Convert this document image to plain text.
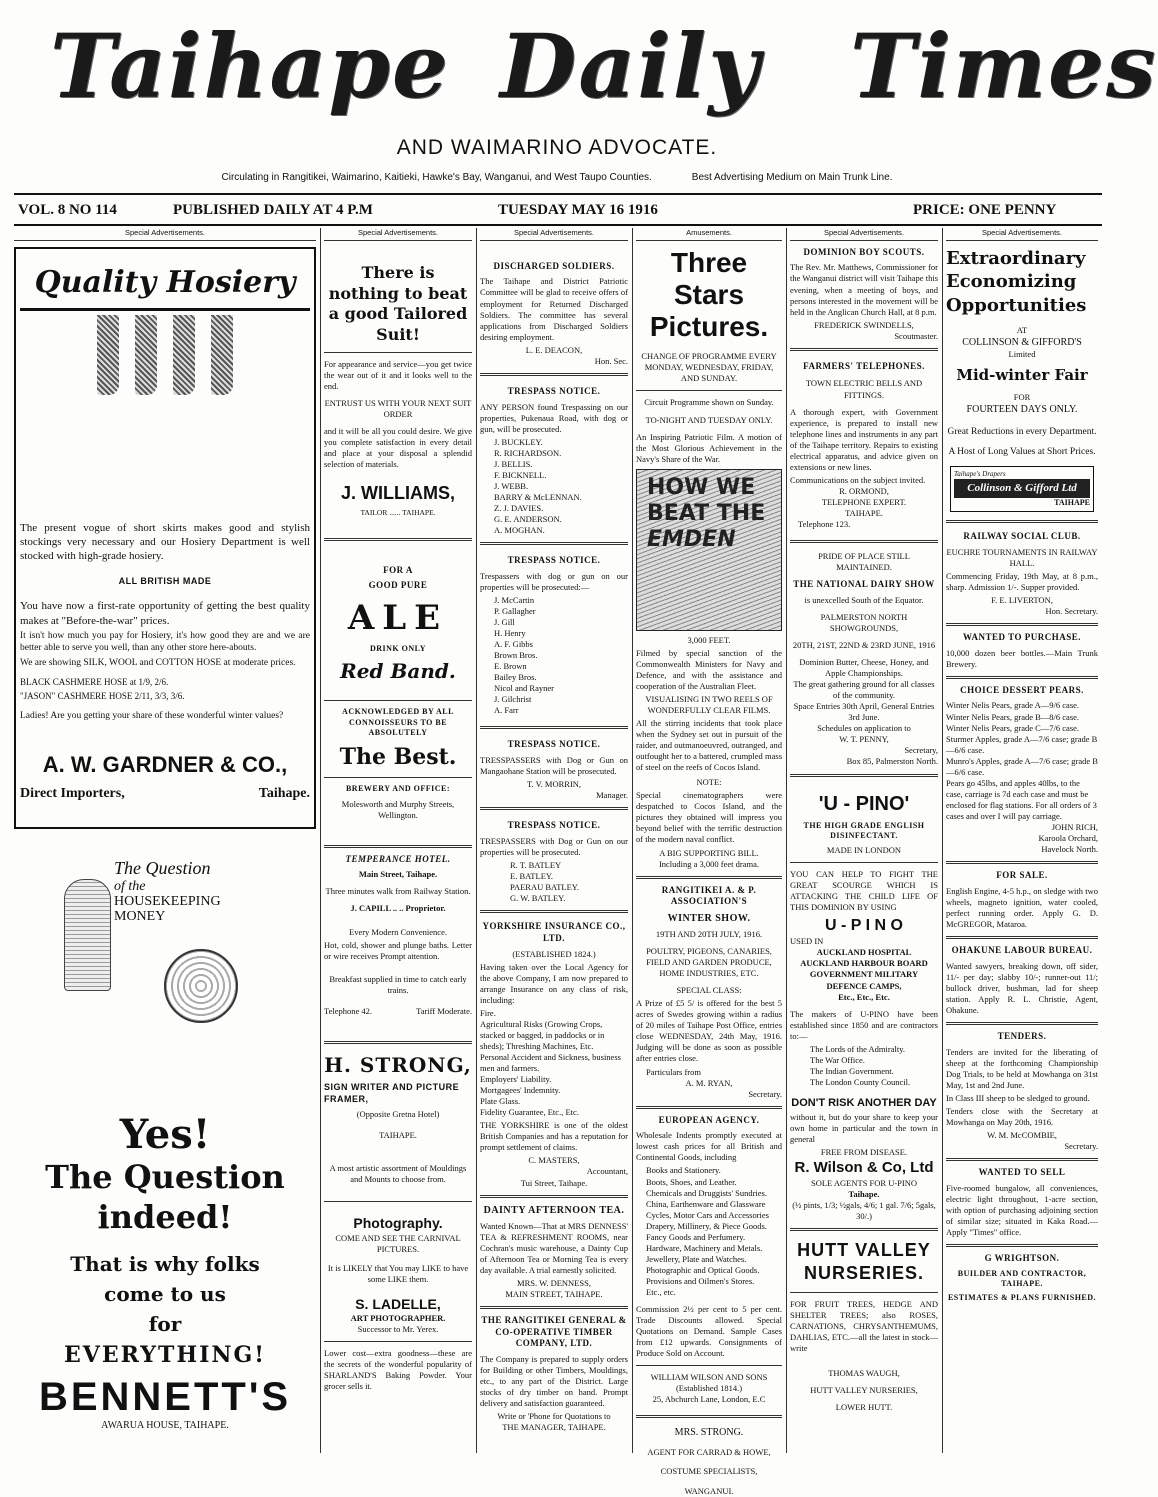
Taihape Daily Times
AND WAIMARINO ADVOCATE.
Circulating in Rangitikei, Waimarino, Kaitieki, Hawke's Bay, Wanganui, and West Taupo Counties.	Best Advertising Medium on Main Trunk Line.
VOL. 8 NO 114	PUBLISHED DAILY AT 4 P.M	TUESDAY MAY 16 1916	PRICE: ONE PENNY
Special Advertisements.
Quality Hosiery

The present vogue of short skirts makes good and stylish stockings very necessary and our Hosiery Department is well stocked with high-grade hosiery.

ALL BRITISH MADE

You have now a first-rate opportunity of getting the best quality makes at "Before-the-war" prices.

It isn't how much you pay for Hosiery, it's how good they are and we are better able to serve you well, than any other store here-abouts.

We are showing SILK, WOOL and COTTON HOSE at moderate prices.

BLACK CASHMERE HOSE at 1/9, 2/6.

"JASON" CASHMERE HOSE 2/11, 3/3, 3/6.

Ladies! Are you getting your share of these wonderful winter values?

A. W. GARDNER & CO.,
Direct Importers,	Taihape.
The Question
of the
HOUSEKEEPING
MONEY
Yes!
The Question
indeed!
That is why folks
come to us
for
EVERYTHING!
BENNETT'S
AWARUA HOUSE, TAIHAPE.
Special Advertisements.
There is nothing to beat a good Tailored Suit!

For appearance and service—you get twice the wear out of it and it looks well to the end.

ENTRUST US WITH YOUR NEXT SUIT ORDER

and it will be all you could desire. We give you complete satisfaction in every detail and place at your disposal a splendid selection of materials.

J. WILLIAMS,
TAILOR ...... TAIHAPE.
FOR A
GOOD PURE
ALE
DRINK ONLY
Red Band.
ACKNOWLEDGED BY ALL CONNOISSEURS TO BE ABSOLUTELY
The Best.
BREWERY AND OFFICE:
Molesworth and Murphy Streets, Wellington.
TEMPERANCE HOTEL.
Main Street, Taihape.
Three minutes walk from Railway Station.
J. CAPILL .. .. Proprietor.
Every Modern Convenience.

Hot, cold, shower and plunge baths. Letter or wire receives Prompt attention.

Breakfast supplied in time to catch early trains.
Telephone 42.	Tariff Moderate.
H. STRONG,
SIGN WRITER AND PICTURE FRAMER,
(Opposite Gretna Hotel)
TAIHAPE.
A most artistic assortment of Mouldings and Mounts to choose from.
Photography.
COME AND SEE THE CARNIVAL PICTURES.
It is LIKELY that You may LIKE to have some LIKE them.
S. LADELLE,
ART PHOTOGRAPHER.
Successor to Mr. Yerex.

Lower cost—extra goodness—these are the secrets of the wonderful popularity of SHARLAND'S Baking Powder. Your grocer sells it.

Special Advertisements.
DISCHARGED SOLDIERS.

The Taihape and District Patriotic Committee will be glad to receive offers of employment for Returned Discharged Soldiers. The committee has several applications from Discharged Soldiers desiring employment.

L. E. DEACON,
Hon. Sec.
TRESPASS NOTICE.

ANY PERSON found Trespassing on our properties, Pukenaua Road, with dog or gun, will be prosecuted.

J. BUCKLEY.
R. RICHARDSON.
J. BELLIS.
F. BICKNELL.
J. WEBB.
BARRY & McLENNAN.
Z. J. DAVIES.
G. E. ANDERSON.
A. MOGHAN.
TRESPASS NOTICE.

Trespassers with dog or gun on our properties will be prosecuted:—

J. McCartin
P. Gallagher
J. Gill
H. Henry
A. F. Gibbs
Brown Bros.
E. Brown
Bailey Bros.
Nicol and Rayner
J. Gilchrist
A. Farr
TRESPASS NOTICE.

TRESSPASSERS with Dog or Gun on Mangaohane Station will be prosecuted.

T. V. MORRIN,
Manager.
TRESPASS NOTICE.

TRESPASSERS with Dog or Gun on our properties will be prosecuted.

R. T. BATLEY
E. BATLEY.
PAERAU BATLEY.
G. W. BATLEY.
YORKSHIRE INSURANCE CO., LTD.
(ESTABLISHED 1824.)

Having taken over the Local Agency for the above Company, I am now prepared to arrange Insurance on any class of risk, including:

Fire.
Agricultural Risks (Growing Crops, stacked or bagged, in paddocks or in sheds); Threshing Machines, Etc.
Personal Accident and Sickness, business men and farmers.
Employers' Liability.
Mortgagees' Indemnity.
Plate Glass.
Fidelity Guarantee, Etc., Etc.

THE YORKSHIRE is one of the oldest British Companies and has a reputation for prompt settlement of claims.

C. MASTERS,
Accountant,
Tui Street, Taihape.
DAINTY AFTERNOON TEA.

Wanted Known—That at MRS DENNESS' TEA & REFRESHMENT ROOMS, near Cochran's music warehouse, a Dainty Cup of Afternoon Tea or Morning Tea is every day available. A trial earnestly solicited.

MRS. W. DENNESS,
MAIN STREET, TAIHAPE.
THE RANGITIKEI GENERAL & CO-OPERATIVE TIMBER COMPANY, LTD.

The Company is prepared to supply orders for Building or other Timbers, Mouldings, etc., to any part of the District. Large stocks of dry timber on hand. Prompt delivery and satisfaction guaranteed.

Write or 'Phone for Quotations to
THE MANAGER, TAIHAPE.
Amusements.
Three Stars
Pictures.
CHANGE OF PROGRAMME EVERY MONDAY, WEDNESDAY, FRIDAY, AND SUNDAY.
Circuit Programme shown on Sunday.
TO-NIGHT AND TUESDAY ONLY.

An Inspiring Patriotic Film. A motion of the Most Glorious Achievement in the Navy's Share of the War.

HOW WE
BEAT THE
EMDEN
3,000 FEET.

Filmed by special sanction of the Commonwealth Ministers for Navy and Defence, and with the assistance and cooperation of the Australian Fleet.

VISUALISING IN TWO REELS OF WONDERFULLY CLEAR FILMS.

All the stirring incidents that took place when the Sydney set out in pursuit of the raider, and outmanoeuvred, outranged, and outfought her to a battered, crumpled mass of steel on the reefs of Cocos Island.

NOTE:

Special cinematographers were despatched to Cocos Island, and the pictures they obtained will impress you beyond belief with the terrific destruction of the modern naval conflict.

A BIG SUPPORTING BILL.
Including a 3,000 feet drama.
RANGITIKEI A. & P. ASSOCIATION'S
WINTER SHOW.
19TH AND 20TH JULY, 1916.
POULTRY, PIGEONS, CANARIES, FIELD AND GARDEN PRODUCE, HOME INDUSTRIES, ETC.
SPECIAL CLASS:

A Prize of £5 5/ is offered for the best 5 acres of Swedes growing within a radius of 20 miles of Taihape Post Office, entries close WEDNESDAY, 24th May, 1916. Judging will be done as soon as possible after entries close.

Particulars from
A. M. RYAN,
Secretary.
EUROPEAN AGENCY.

Wholesale Indents promptly executed at lowest cash prices for all British and Continental Goods, including

Books and Stationery.
Boots, Shoes, and Leather.
Chemicals and Druggists' Sundries.
China, Earthenware and Glassware
Cycles, Motor Cars and Accessories
Drapery, Millinery, & Piece Goods.
Fancy Goods and Perfumery.
Hardware, Machinery and Metals.
Jewellery, Plate and Watches.
Photographic and Optical Goods.
Provisions and Oilmen's Stores.
Etc., etc.

Commission 2½ per cent to 5 per cent. Trade Discounts allowed. Special Quotations on Demand. Sample Cases from £12 upwards. Consignments of Produce Sold on Account.

WILLIAM WILSON AND SONS
(Established 1814.)
25, Abchurch Lane, London, E.C
MRS. STRONG.
AGENT FOR CARRAD & HOWE,
COSTUME SPECIALISTS,
WANGANUI.
Special Advertisements.
DOMINION BOY SCOUTS.

The Rev. Mr. Matthews, Commissioner for the Wanganui district will visit Taihape this evening, when a meeting of boys, and persons interested in the movement will be held in the Anglican Church Hall, at 8 p.m.

FREDERICK SWINDELLS,
Scoutmaster.
FARMERS' TELEPHONES.
TOWN ELECTRIC BELLS AND FITTINGS.

A thorough expert, with Government experience, is prepared to install new telephone lines and instruments in any part of the Taihape territory. Repairs to existing electrical apparatus, and advice given on extensions or new lines.

Communications on the subject invited.
R. ORMOND,
TELEPHONE EXPERT.
TAIHAPE.
Telephone 123.
PRIDE OF PLACE STILL MAINTAINED.
THE NATIONAL DAIRY SHOW
is unexcelled South of the Equator.
PALMERSTON NORTH SHOWGROUNDS,
20TH, 21ST, 22ND & 23RD JUNE, 1916
Dominion Butter, Cheese, Honey, and Apple Championships.
The great gathering ground for all classes of the community.
Space Entries 30th April, General Entries 3rd June.
Schedules on application to
W. T. PENNY,
Secretary,
Box 85, Palmerston North.
'U - PINO'
THE HIGH GRADE ENGLISH DISINFECTANT.
MADE IN LONDON

YOU CAN HELP TO FIGHT THE GREAT SCOURGE WHICH IS ATTACKING THE CHILD LIFE OF THIS DOMINION BY USING

U - P I N O
USED IN
AUCKLAND HOSPITAL
AUCKLAND HARBOUR BOARD
GOVERNMENT MILITARY DEFENCE CAMPS,
Etc., Etc., Etc.

The makers of U-PINO have been established since 1850 and are contractors to:—

The Lords of the Admiralty.
The War Office.
The Indian Government.
The London County Council.
DON'T RISK ANOTHER DAY

without it, but do your share to keep your own home in particular and the town in general

FREE FROM DISEASE.
R. Wilson & Co, Ltd
SOLE AGENTS FOR U-PINO
Taihape.
(½ pints, 1/3; ½gals, 4/6; 1 gal. 7/6; 5gals, 30/.)
HUTT VALLEY
NURSERIES.

FOR FRUIT TREES, HEDGE AND SHELTER TREES; also ROSES, CARNATIONS, CHRYSANTHEMUMS, DAHLIAS, ETC.—all the latest in stock—write

THOMAS WAUGH,
HUTT VALLEY NURSERIES,
LOWER HUTT.
Special Advertisements.
Extraordinary
Economizing
Opportunities
AT
COLLINSON & GIFFORD'S
Limited
Mid-winter Fair
FOR
FOURTEEN DAYS ONLY.
Great Reductions in every Department.
A Host of Long Values at Short Prices.
Taihape's Drapers
Collinson & Gifford Ltd
TAIHAPE
RAILWAY SOCIAL CLUB.
EUCHRE TOURNAMENTS IN RAILWAY HALL.

Commencing Friday, 19th May, at 8 p.m., sharp. Admission 1/-. Supper provided.

F. E. LIVERTON,
Hon. Secretary.
WANTED TO PURCHASE.

10,000 dozen beer bottles.—Main Trunk Brewery.

CHOICE DESSERT PEARS.
Winter Nelis Pears, grade A—9/6 case.
Winter Nelis Pears, grade B—8/6 case.
Winter Nelis Pears, grade C—7/6 case.
Sturmer Apples, grade A—7/6 case; grade B—6/6 case.
Munro's Apples, grade A—7/6 case; grade B—6/6 case.
Pears go 45lbs, and apples 40lbs, to the case, carriage is 7d each case and must be enclosed for flag stations. For all orders of 3 cases and over I will pay carriage.
JOHN RICH,
Karoola Orchard,
Havelock North.
FOR SALE.

English Engine, 4-5 h.p., on sledge with two wheels, magneto ignition, water cooled, perfect running order. Apply G. D. McGREGOR, Mataroa.

OHAKUNE LABOUR BUREAU.

Wanted sawyers, breaking down, off sider, 11/- per day; slabby 10/-; runner-out 11/; bullock driver, bushman, lad for sheep station. Apply R. L. Christie, Agent, Ohakune.

TENDERS.

Tenders are invited for the liberating of sheep at the forthcoming Championship Dog Trials, to be held at Mowhanga on 31st May, 1st and 2nd June.

In Class III sheep to be sledged to ground.

Tenders close with the Secretary at Mowhanga on May 20th, 1916.

W. M. McCOMBIE,
Secretary.
WANTED TO SELL

Five-roomed bungalow, all conveniences, electric light throughout, 1-acre section, with option of purchasing adjoining section of similar size; situated in Kaka Road.—Apply "Times" office.

G WRIGHTSON.
BUILDER AND CONTRACTOR, TAIHAPE.
ESTIMATES & PLANS FURNISHED.
